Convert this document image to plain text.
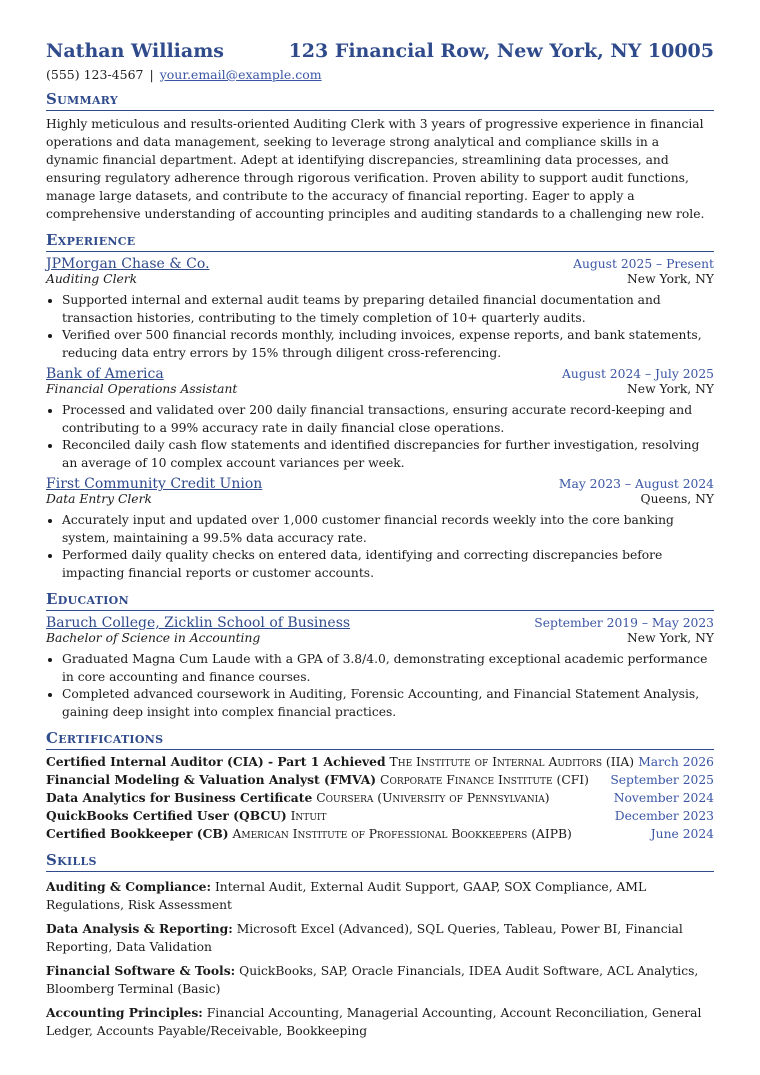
Nathan Williams	123 Financial Row, New York, NY 10005
(555) 123-4567 | your.email@example.com
Summary

Highly meticulous and results-oriented Auditing Clerk with 3 years of progressive experience in financial operations and data management, seeking to leverage strong analytical and compliance skills in a dynamic financial department. Adept at identifying discrepancies, streamlining data processes, and ensuring regulatory adherence through rigorous verification. Proven ability to support audit functions, manage large datasets, and contribute to the accuracy of financial reporting. Eager to apply a comprehensive understanding of accounting principles and auditing standards to a challenging new role.

Experience
JPMorgan Chase & Co.	August 2025 – Present
Auditing Clerk	New York, NY
• Supported internal and external audit teams by preparing detailed financial documentation and transaction histories, contributing to the timely completion of 10+ quarterly audits.
• Verified over 500 financial records monthly, including invoices, expense reports, and bank statements, reducing data entry errors by 15% through diligent cross-referencing.
Bank of America	August 2024 – July 2025
Financial Operations Assistant	New York, NY
• Processed and validated over 200 daily financial transactions, ensuring accurate record-keeping and contributing to a 99% accuracy rate in daily financial close operations.
• Reconciled daily cash flow statements and identified discrepancies for further investigation, resolving an average of 10 complex account variances per week.
First Community Credit Union	May 2023 – August 2024
Data Entry Clerk	Queens, NY
• Accurately input and updated over 1,000 customer financial records weekly into the core banking system, maintaining a 99.5% data accuracy rate.
• Performed daily quality checks on entered data, identifying and correcting discrepancies before impacting financial reports or customer accounts.
Education
Baruch College, Zicklin School of Business	September 2019 – May 2023
Bachelor of Science in Accounting	New York, NY
• Graduated Magna Cum Laude with a GPA of 3.8/4.0, demonstrating exceptional academic performance in core accounting and finance courses.
• Completed advanced coursework in Auditing, Forensic Accounting, and Financial Statement Analysis, gaining deep insight into complex financial practices.
Certifications
Certified Internal Auditor (CIA) - Part 1 Achieved The Institute of Internal Auditors (IIA) March 2026
Financial Modeling & Valuation Analyst (FMVA) Corporate Finance Institute (CFI) September 2025
Data Analytics for Business Certificate Coursera (University of Pennsylvania)	November 2024
QuickBooks Certified User (QBCU) Intuit	December 2023
Certified Bookkeeper (CB) American Institute of Professional Bookkeepers (AIPB)	June 2024
Skills
Auditing & Compliance: Internal Audit, External Audit Support, GAAP, SOX Compliance, AML Regulations, Risk Assessment
Data Analysis & Reporting: Microsoft Excel (Advanced), SQL Queries, Tableau, Power BI, Financial Reporting, Data Validation
Financial Software & Tools: QuickBooks, SAP, Oracle Financials, IDEA Audit Software, ACL Analytics, Bloomberg Terminal (Basic)
Accounting Principles: Financial Accounting, Managerial Accounting, Account Reconciliation, General Ledger, Accounts Payable/Receivable, Bookkeeping
